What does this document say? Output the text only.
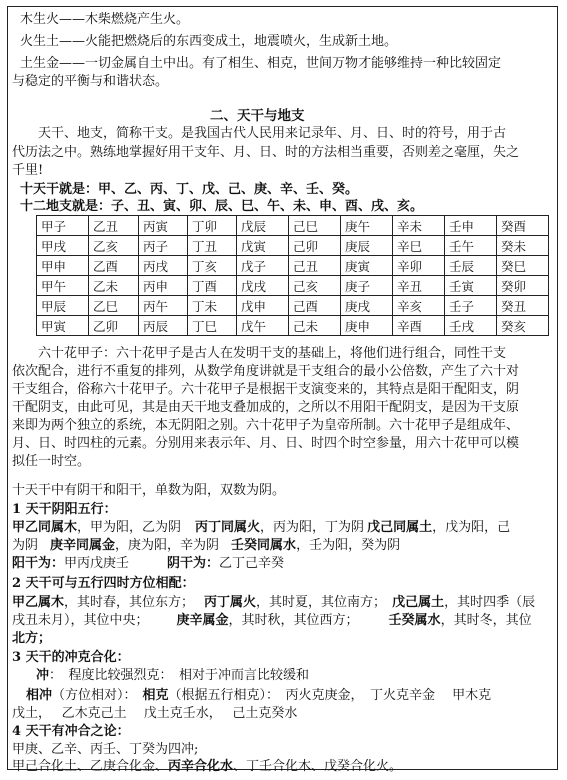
木生火——木柴燃烧产生火。
火生土——火能把燃烧后的东西变成土，地震喷火，生成新土地。
土生金——一切金属自土中出。有了相生、相克，世间万物才能够维持一种比较固定
与稳定的平衡与和谐状态。
二、天干与地支
天干、地支，简称干支。是我国古代人民用来记录年、月、日、时的符号，用于古
代历法之中。熟练地掌握好用干支年、月、日、时的方法相当重要，否则差之毫厘，失之
千里!
十天干就是：甲、乙、丙、丁、戊、己、庚、辛、壬、癸。
十二地支就是：子、丑、寅、卯、辰、巳、午、未、申、酉、戌、亥。
甲子	乙丑	丙寅	丁卯	戊辰	己巳	庚午	辛未	壬申	癸酉
甲戌	乙亥	丙子	丁丑	戊寅	己卯	庚辰	辛巳	壬午	癸未
甲申	乙酉	丙戌	丁亥	戊子	己丑	庚寅	辛卯	壬辰	癸巳
甲午	乙未	丙申	丁酉	戊戌	己亥	庚子	辛丑	壬寅	癸卯
甲辰	乙巳	丙午	丁未	戊申	己酉	庚戌	辛亥	壬子	癸丑
甲寅	乙卯	丙辰	丁巳	戊午	己未	庚申	辛酉	壬戌	癸亥
六十花甲子：六十花甲子是古人在发明干支的基础上，将他们进行组合，同性干支
依次配合，进行不重复的排列，从数学角度讲就是干支组合的最小公倍数，产生了六十对
干支组合，俗称六十花甲子。六十花甲子是根据干支演变来的，其特点是阳干配阳支，阴
干配阴支，由此可见，其是由天干地支叠加成的，之所以不用阳干配阴支，是因为干支原
来即为两个独立的系统，本无阴阳之别。六十花甲子为皇帝所制。六十花甲子是组成年、
月、日、时四柱的元素。分别用来表示年、月、日、时四个时空参量，用六十花甲可以模
拟任一时空。
十天干中有阴干和阳干，单数为阳，双数为阴。
1 天干阴阳五行：
甲乙同属木，甲为阳，乙为阴 丙丁同属火，丙为阳，丁为阴 戊己同属土，戊为阳，己
为阴 庚辛同属金，庚为阳，辛为阴 壬癸同属水，壬为阳，癸为阴
阳干为：甲丙戊庚壬	阴干为：乙丁己辛癸
2 天干可与五行四时方位相配：
甲乙属木，其时春，其位东方； 丙丁属火，其时夏，其位南方； 戊己属土，其时四季（辰
戌丑未月），其位中央； 庚辛属金，其时秋，其位西方； 壬癸属水，其时冬，其位
北方；
3 天干的冲克合化：
冲：　程度比较强烈克：　相对于冲而言比较缓和
相冲（方位相对）： 相克（根据五行相克）：　丙火克庚金，　丁火克辛金　 甲木克
戊土，　 乙木克己土　 戊土克壬水，　 己土克癸水
4 天干有冲合之论：
甲庚、乙辛、丙壬、丁癸为四冲;
甲己合化土、乙庚合化金、丙辛合化水、丁壬合化木、戊癸合化火。
